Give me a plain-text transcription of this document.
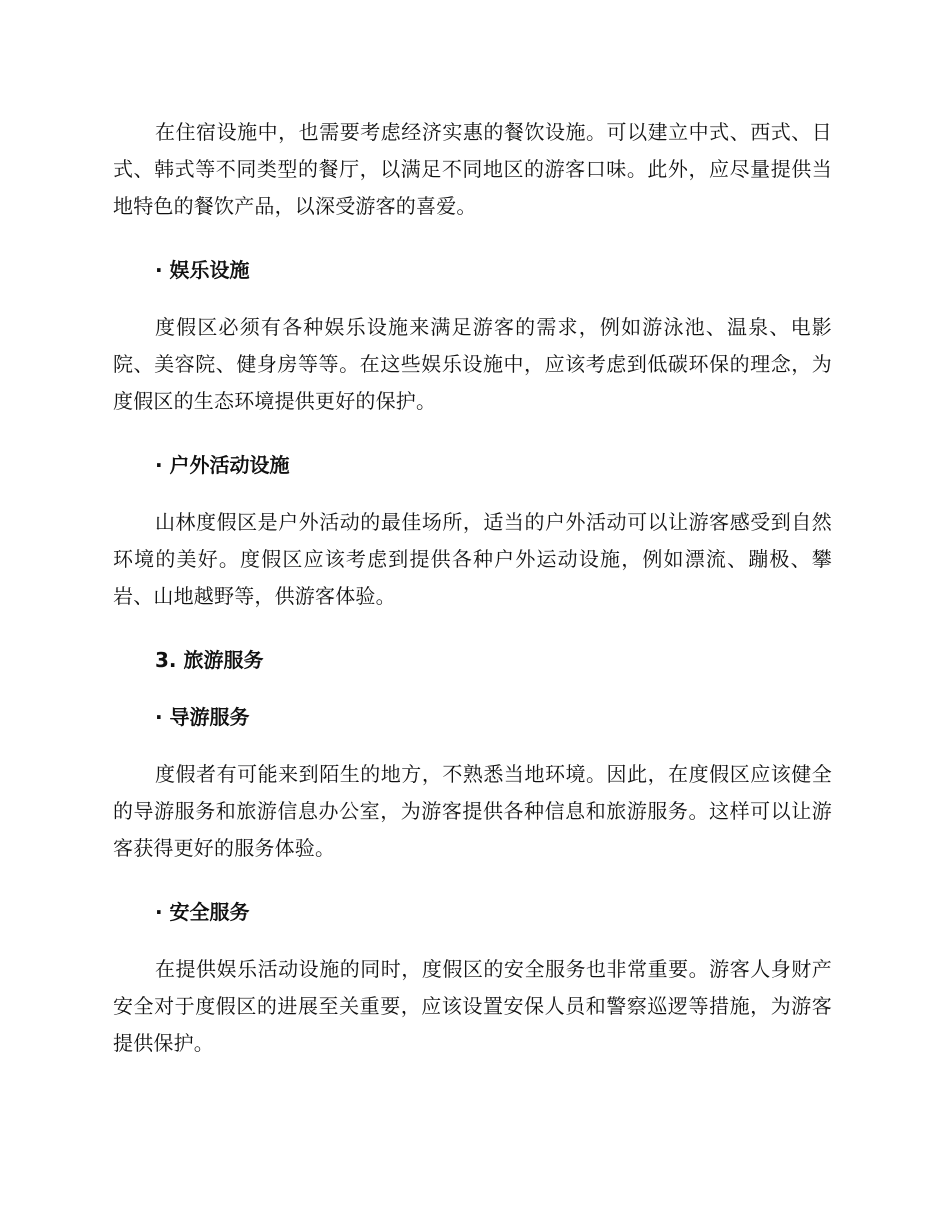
在住宿设施中，也需要考虑经济实惠的餐饮设施。可以建立中式、西式、日式、韩式等不同类型的餐厅，以满足不同地区的游客口味。此外，应尽量提供当地特色的餐饮产品，以深受游客的喜爱。

· 娱乐设施

度假区必须有各种娱乐设施来满足游客的需求，例如游泳池、温泉、电影院、美容院、健身房等等。在这些娱乐设施中，应该考虑到低碳环保的理念，为度假区的生态环境提供更好的保护。

· 户外活动设施

山林度假区是户外活动的最佳场所，适当的户外活动可以让游客感受到自然环境的美好。度假区应该考虑到提供各种户外运动设施，例如漂流、蹦极、攀岩、山地越野等，供游客体验。

3. 旅游服务

· 导游服务

度假者有可能来到陌生的地方，不熟悉当地环境。因此，在度假区应该健全的导游服务和旅游信息办公室，为游客提供各种信息和旅游服务。这样可以让游客获得更好的服务体验。

· 安全服务

在提供娱乐活动设施的同时，度假区的安全服务也非常重要。游客人身财产安全对于度假区的进展至关重要，应该设置安保人员和警察巡逻等措施，为游客提供保护。
